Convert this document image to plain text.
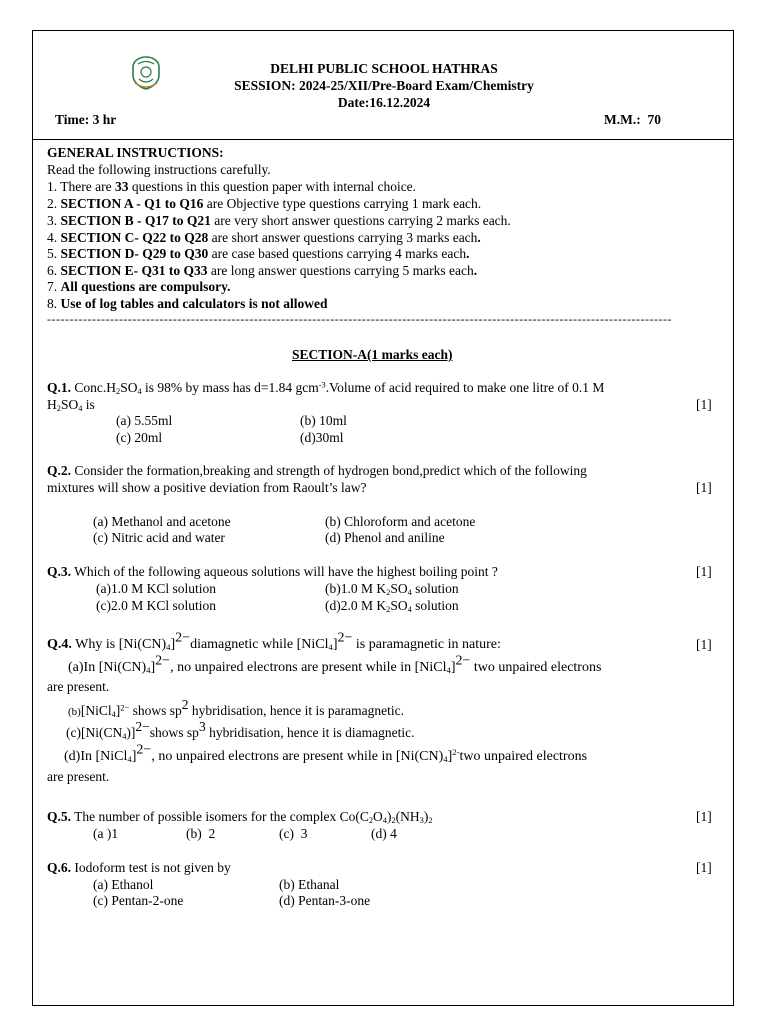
DELHI PUBLIC SCHOOL HATHRAS
SESSION: 2024-25/XII/Pre-Board Exam/Chemistry
Date:16.12.2024
Time: 3 hr	M.M.:  70
GENERAL INSTRUCTIONS:
Read the following instructions carefully.
1. There are 33 questions in this question paper with internal choice.
2. SECTION A - Q1 to Q16 are Objective type questions carrying 1 mark each.
3. SECTION B - Q17 to Q21 are very short answer questions carrying 2 marks each.
4. SECTION C- Q22 to Q28 are short answer questions carrying 3 marks each.
5. SECTION D- Q29 to Q30 are case based questions carrying 4 marks each.
6. SECTION E- Q31 to Q33 are long answer questions carrying 5 marks each.
7. All questions are compulsory.
8. Use of log tables and calculators is not allowed
-------------------------------------------------------------------------------------------------------------------------------------------
SECTION-A(1 marks each)
Q.1. $Conc.H_2SO_4$ is 98% by mass has d=1.84 gcm$^{-3}$.Volume of acid required to make one litre of 0.1 M
$H_2SO_4$ is	[1]
(a) 5.55ml	(b) 10ml
(c) 20ml	(d)30ml
Q.2. Consider the formation,breaking and strength of hydrogen bond,predict which of the following
mixtures will show a positive deviation from Raoult’s law?	[1]
(a) Methanol and acetone	(b) Chloroform and acetone
(c) Nitric acid and water	(d) Phenol and aniline
Q.3. Which of the following aqueous solutions will have the highest boiling point ?	[1]
(a)1.0 M KCl solution	(b)1.0 M $K_2SO_4$ solution
(c)2.0 M KCl solution	(d)2.0 M $K_2SO_4$ solution
Q.4. Why is $[Ni(CN)_4]2-diamagnetic$ while [NiCl$_4$]2− is paramagnetic in nature:	[1]
(a)In $[Ni(CN)_4]2-$, no unpaired electrons are present while in [NiCl$_4$]2− two unpaired electrons
are present.
(b)[NiCl$_4$]$^{2-}$ shows sp2 hybridisation, hence it is paramagnetic.
$(c)[Ni(CN_4)]2-shows$ sp3 hybridisation, hence it is diamagnetic.
(d)In [NiCl$_4$]2−, no unpaired electrons are present while in $[Ni(CN)_4]^{2-}two$ unpaired electrons
are present.
Q.5. The number of possible isomers for the complex $Co(C_2O_4)_2(NH_3)_2$	[1]
(a )1	(b)  2	(c)  3	(d) 4
Q.6. Iodoform test is not given by	[1]
(a) Ethanol	(b) Ethanal
(c) Pentan-2-one	(d) Pentan-3-one
